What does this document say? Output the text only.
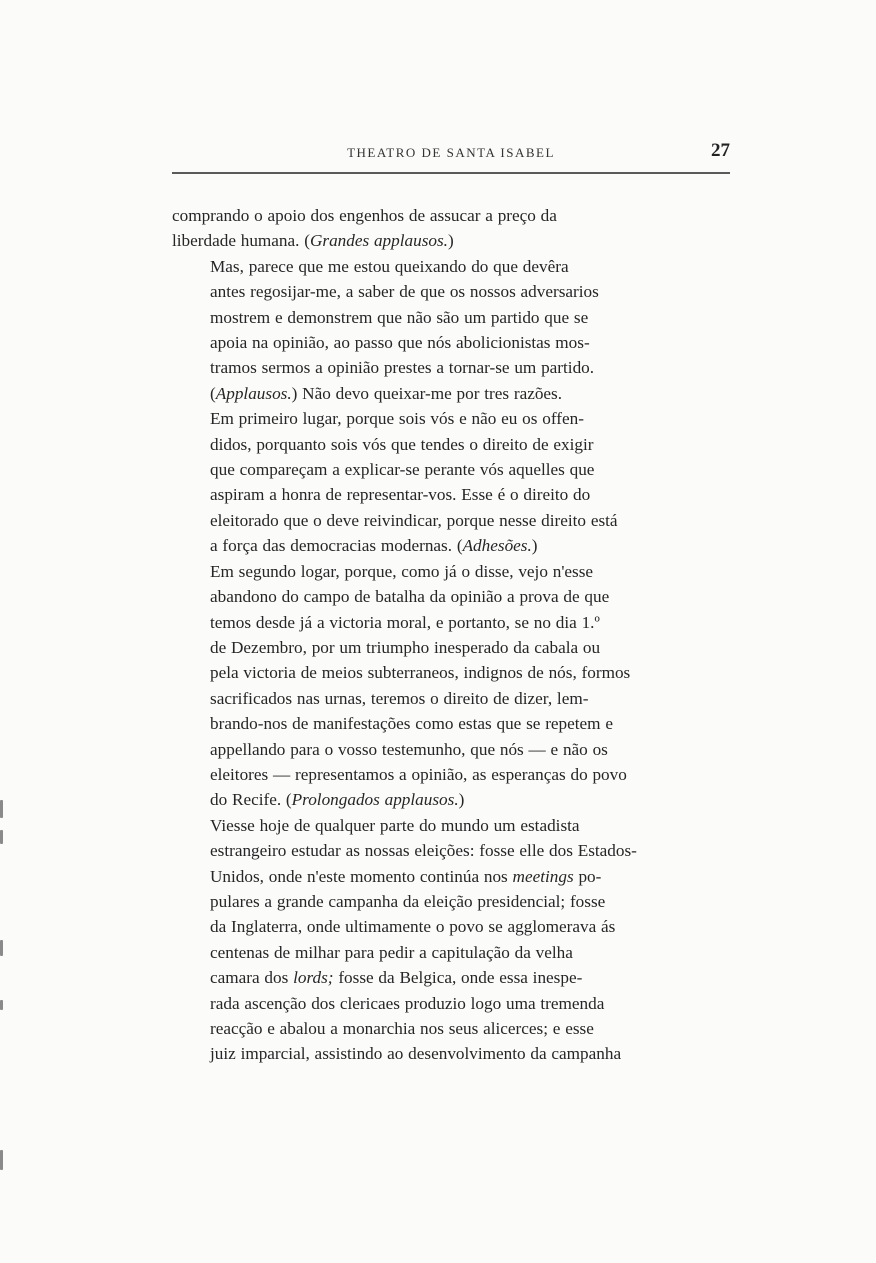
THEATRO DE SANTA ISABEL	27

comprando o apoio dos engenhos de assucar a preço da
liberdade humana. (Grandes applausos.)

Mas, parece que me estou queixando do que devêra
antes regosijar-me, a saber de que os nossos adversarios
mostrem e demonstrem que não são um partido que se
apoia na opinião, ao passo que nós abolicionistas mos-
tramos sermos a opinião prestes a tornar-se um partido.
(Applausos.) Não devo queixar-me por tres razões.

Em primeiro lugar, porque sois vós e não eu os offen-
didos, porquanto sois vós que tendes o direito de exigir
que compareçam a explicar-se perante vós aquelles que
aspiram a honra de representar-vos. Esse é o direito do
eleitorado que o deve reivindicar, porque nesse direito está
a força das democracias modernas. (Adhesões.)

Em segundo logar, porque, como já o disse, vejo n'esse
abandono do campo de batalha da opinião a prova de que
temos desde já a victoria moral, e portanto, se no dia 1.º
de Dezembro, por um triumpho inesperado da cabala ou
pela victoria de meios subterraneos, indignos de nós, formos
sacrificados nas urnas, teremos o direito de dizer, lem-
brando-nos de manifestações como estas que se repetem e
appellando para o vosso testemunho, que nós — e não os
eleitores — representamos a opinião, as esperanças do povo
do Recife. (Prolongados applausos.)

Viesse hoje de qualquer parte do mundo um estadista
estrangeiro estudar as nossas eleições: fosse elle dos Estados-
Unidos, onde n'este momento continúa nos meetings po-
pulares a grande campanha da eleição presidencial; fosse
da Inglaterra, onde ultimamente o povo se agglomerava ás
centenas de milhar para pedir a capitulação da velha
camara dos lords; fosse da Belgica, onde essa inespe-
rada ascenção dos clericaes produzio logo uma tremenda
reacção e abalou a monarchia nos seus alicerces; e esse
juiz imparcial, assistindo ao desenvolvimento da campanha
